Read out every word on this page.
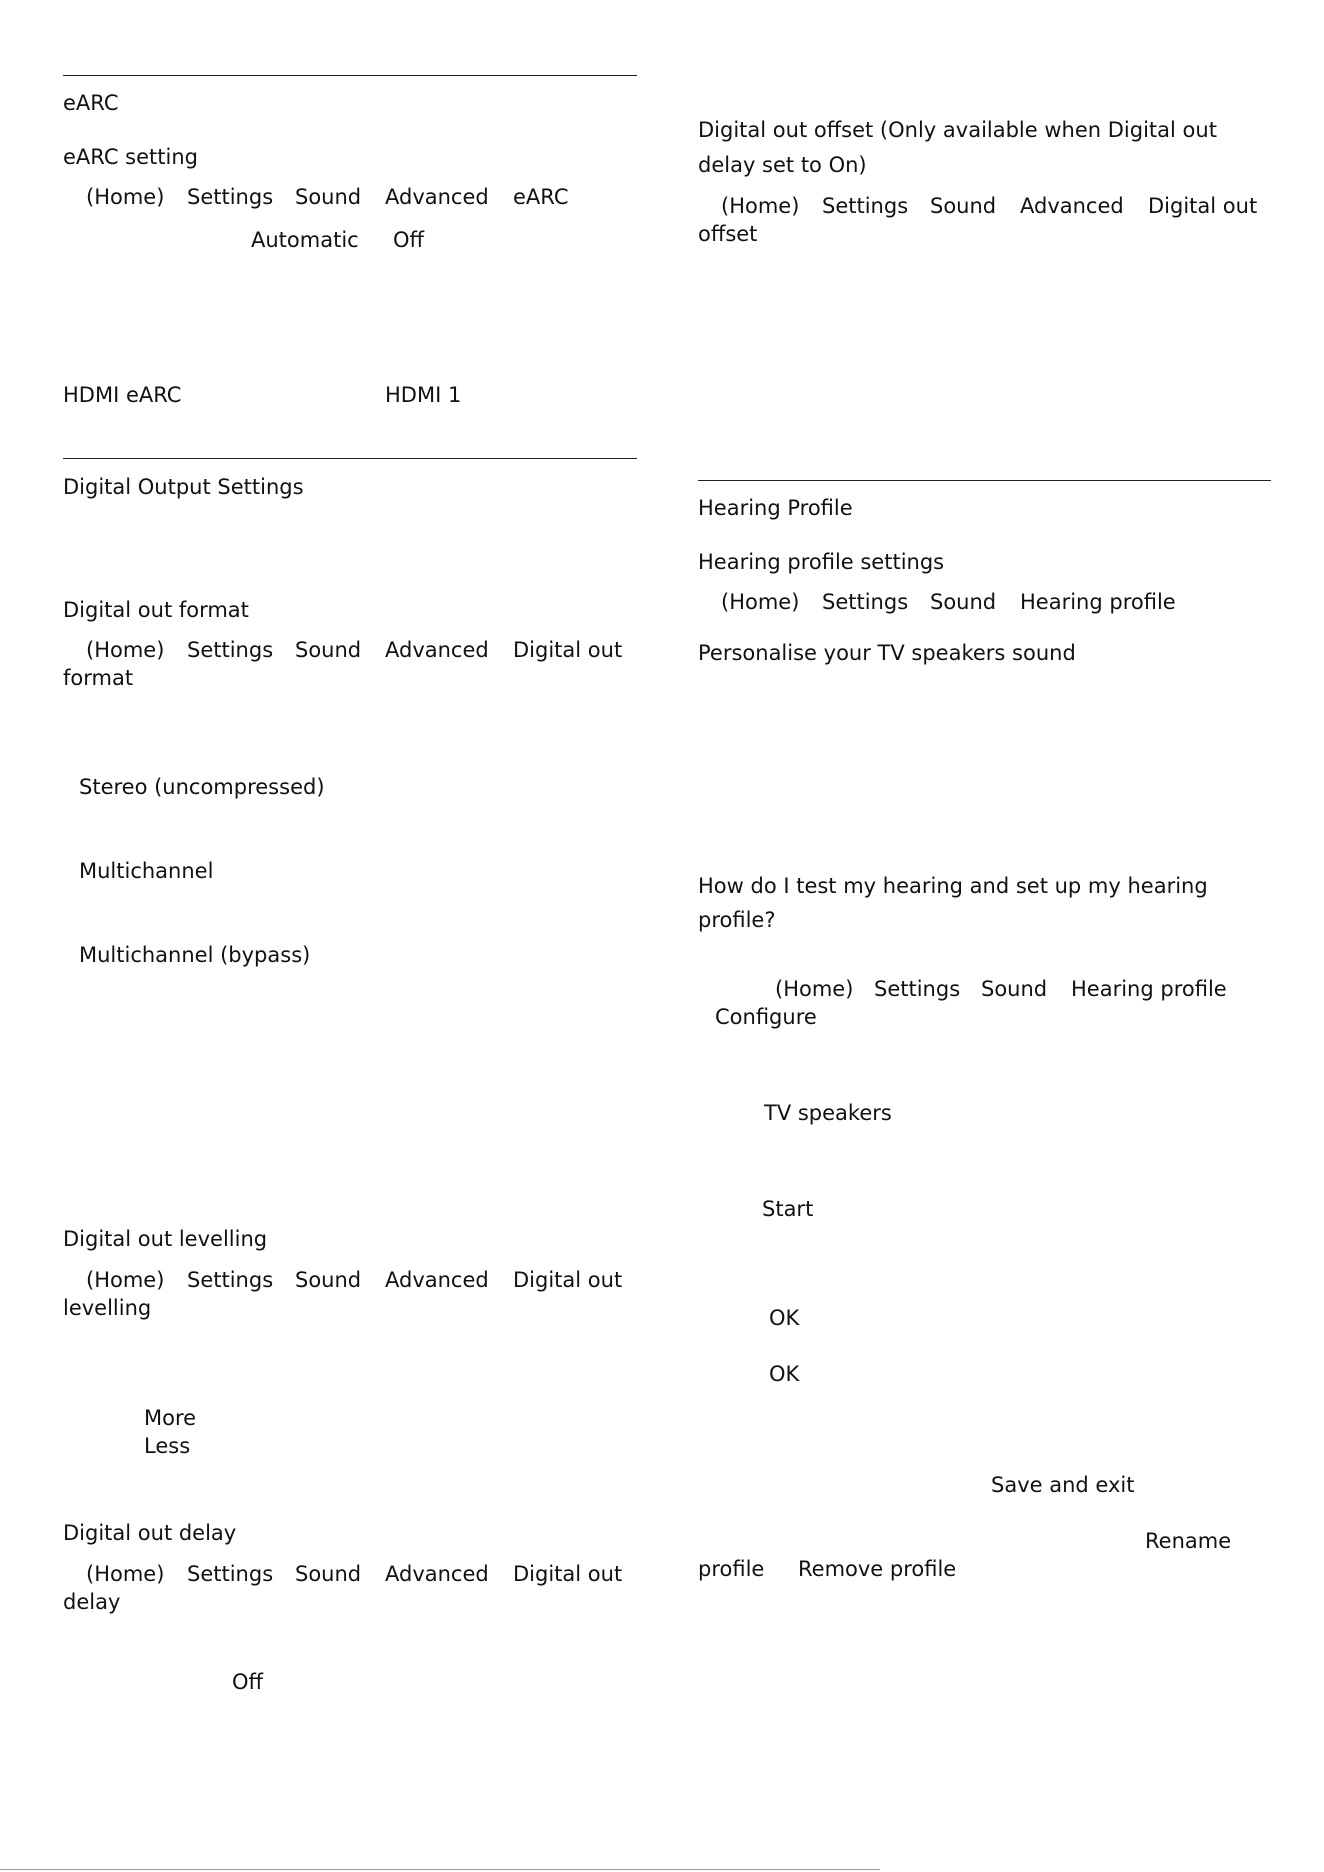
eARC
eARC setting
(Home) Settings Sound Advanced eARC
Automatic Off
HDMI eARC	HDMI 1
Digital Output Settings
Digital out format
(Home) Settings Sound Advanced Digital out
format
Stereo (uncompressed)
Multichannel
Multichannel (bypass)
Digital out levelling
(Home) Settings Sound Advanced Digital out
levelling
More
Less
Digital out delay
(Home) Settings Sound Advanced Digital out
delay
Off
Digital out offset (Only available when Digital out
delay set to On)
(Home) Settings Sound Advanced Digital out
offset
Hearing Profile
Hearing profile settings
(Home) Settings Sound Hearing profile
Personalise your TV speakers sound
How do I test my hearing and set up my hearing
profile?
(Home) Settings Sound Hearing profile
Configure
TV speakers
Start
OK
OK
Save and exit
Rename
profile Remove profile
